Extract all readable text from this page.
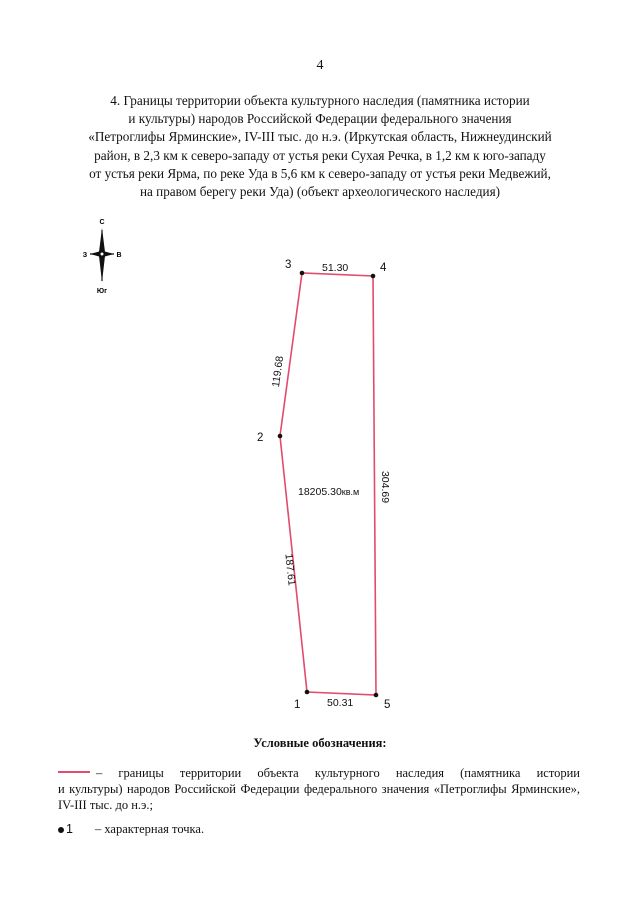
4
4. Границы территории объекта культурного наследия (памятника истории
и культуры) народов Российской Федерации федерального значения
«Петроглифы Ярминские», IV-III тыс. до н.э. (Иркутская область, Нижнеудинский
район, в 2,3 км к северо-западу от устья реки Сухая Речка, в 1,2 км к юго-западу
от устья реки Ярма, по реке Уда в 5,6 км к северо-западу от устья реки Медвежий,
на правом берегу реки Уда) (объект археологического наследия)
С
Юг
З	В
1
2
3	4
5
51.30
50.31
119.68
187.61
304.69
18205.30кв.м
Условные обозначения:
– границы территории объекта культурного наследия (памятника истории
и культуры) народов Российской Федерации федерального значения «Петроглифы Ярминские», IV-III тыс. до н.э.;
1 – характерная точка.
